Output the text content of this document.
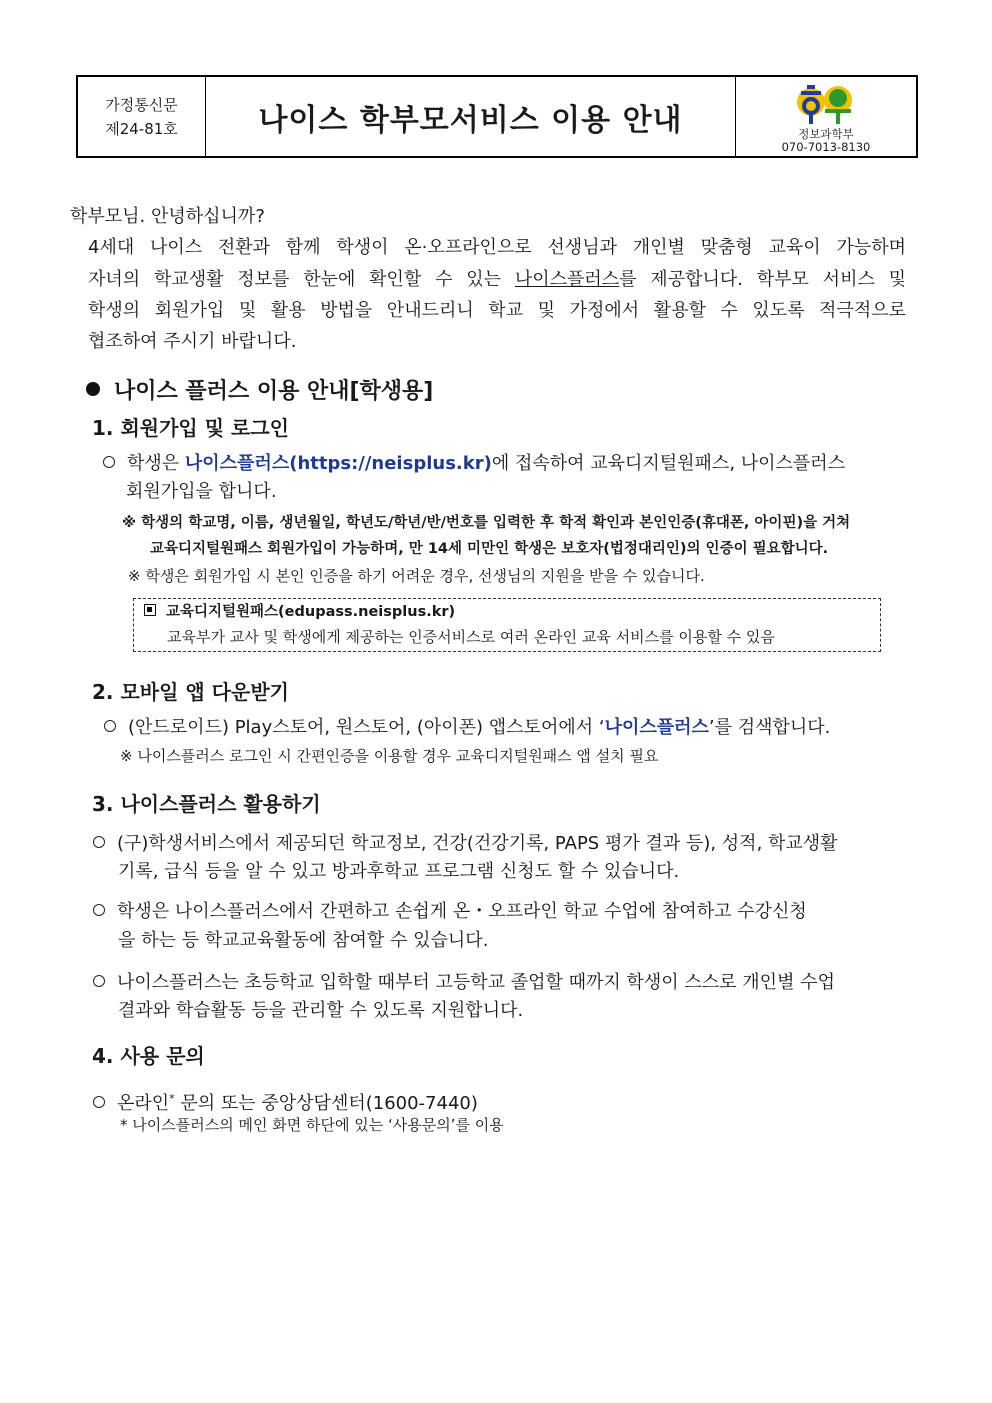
가정통신문
제24-81호	나이스 학부모서비스 이용 안내	정보과학부
070-7013-8130
학부모님. 안녕하십니까?
4세대 나이스 전환과 함께 학생이 온·오프라인으로 선생님과 개인별 맞춤형 교육이 가능하며
자녀의 학교생활 정보를 한눈에 확인할 수 있는 나이스플러스를 제공합니다. 학부모 서비스 및
학생의 회원가입 및 활용 방법을 안내드리니 학교 및 가정에서 활용할 수 있도록 적극적으로
협조하여 주시기 바랍니다.
나이스 플러스 이용 안내[학생용]
1. 회원가입 및 로그인
학생은 나이스플러스(https://neisplus.kr)에 접속하여 교육디지털원패스, 나이스플러스
회원가입을 합니다.
※ 학생의 학교명, 이름, 생년월일, 학년도/학년/반/번호를 입력한 후 학적 확인과 본인인증(휴대폰, 아이핀)을 거쳐
교육디지털원패스 회원가입이 가능하며, 만 14세 미만인 학생은 보호자(법정대리인)의 인증이 필요합니다.
※ 학생은 회원가입 시 본인 인증을 하기 어려운 경우, 선생님의 지원을 받을 수 있습니다.
교육디지털원패스(edupass.neisplus.kr)
교육부가 교사 및 학생에게 제공하는 인증서비스로 여러 온라인 교육 서비스를 이용할 수 있음
2. 모바일 앱 다운받기
(안드로이드) Play스토어, 원스토어, (아이폰) 앱스토어에서 ‘나이스플러스’를 검색합니다.
※ 나이스플러스 로그인 시 간편인증을 이용할 경우 교육디지털원패스 앱 설치 필요
3. 나이스플러스 활용하기
(구)학생서비스에서 제공되던 학교정보, 건강(건강기록, PAPS 평가 결과 등), 성적, 학교생활
기록, 급식 등을 알 수 있고 방과후학교 프로그램 신청도 할 수 있습니다.
학생은 나이스플러스에서 간편하고 손쉽게 온・오프라인 학교 수업에 참여하고 수강신청
을 하는 등 학교교육활동에 참여할 수 있습니다.
나이스플러스는 초등학교 입학할 때부터 고등학교 졸업할 때까지 학생이 스스로 개인별 수업
결과와 학습활동 등을 관리할 수 있도록 지원합니다.
4. 사용 문의
온라인* 문의 또는 중앙상담센터(1600-7440)
* 나이스플러스의 메인 화면 하단에 있는 ‘사용문의’를 이용
